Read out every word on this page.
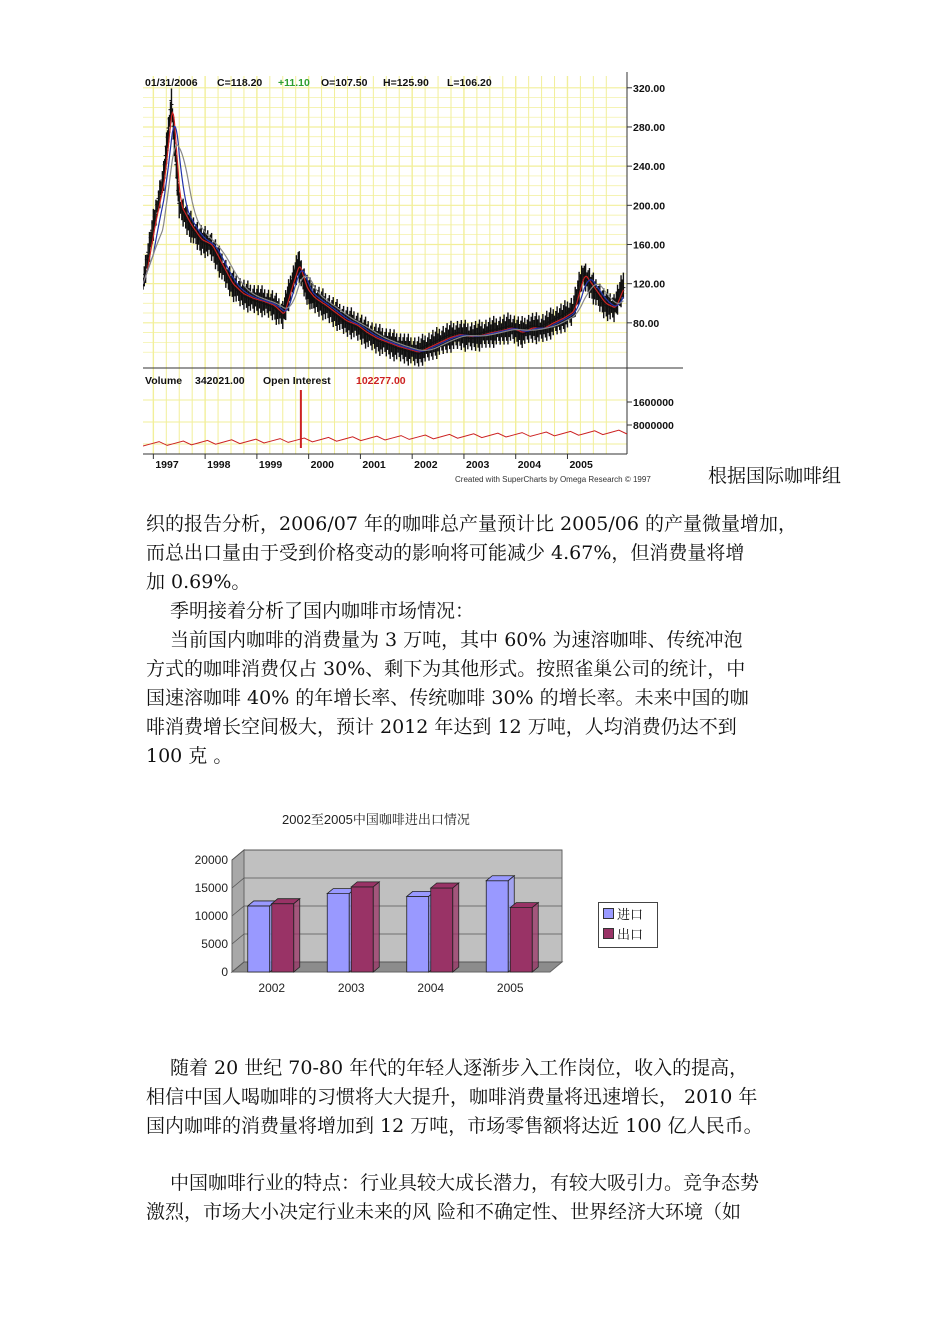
320.00
280.00
240.00
200.00
160.00
120.00
80.00
1600000
8000000
1997	1998	1999	2000	2001	2002	2003	2004	2005
01/31/2006 C=118.20 +11.10 O=107.50 H=125.90 L=106.20
Volume 342021.00 Open Interest 102277.00
Created with SuperCharts by Omega Research © 1997	根据国际咖啡组

织的报告分析，2006/07 年的咖啡总产量预计比 2005/06 的产量微量增加，

而总出口量由于受到价格变动的影响将可能减少 4.67%，但消费量将增

加 0.69%。

季明接着分析了国内咖啡市场情况：

当前国内咖啡的消费量为 3 万吨，其中 60% 为速溶咖啡、传统冲泡

方式的咖啡消费仅占 30%、剩下为其他形式。按照雀巢公司的统计，中

国速溶咖啡 40% 的年增长率、传统咖啡 30% 的增长率。未来中国的咖

啡消费增长空间极大，预计 2012 年达到 12 万吨，人均消费仍达不到

100 克 。

2002至2005中国咖啡进出口情况
20000
15000
10000
5000
0
2002	2003	2004	2005
进口
出口

随着 20 世纪 70-80 年代的年轻人逐渐步入工作岗位，收入的提高，

相信中国人喝咖啡的习惯将大大提升，咖啡消费量将迅速增长， 2010 年

国内咖啡的消费量将增加到 12 万吨，市场零售额将达近 100 亿人民币。

中国咖啡行业的特点：行业具较大成长潜力，有较大吸引力。竞争态势

激烈，市场大小决定行业未来的风 险和不确定性、世界经济大环境（如
